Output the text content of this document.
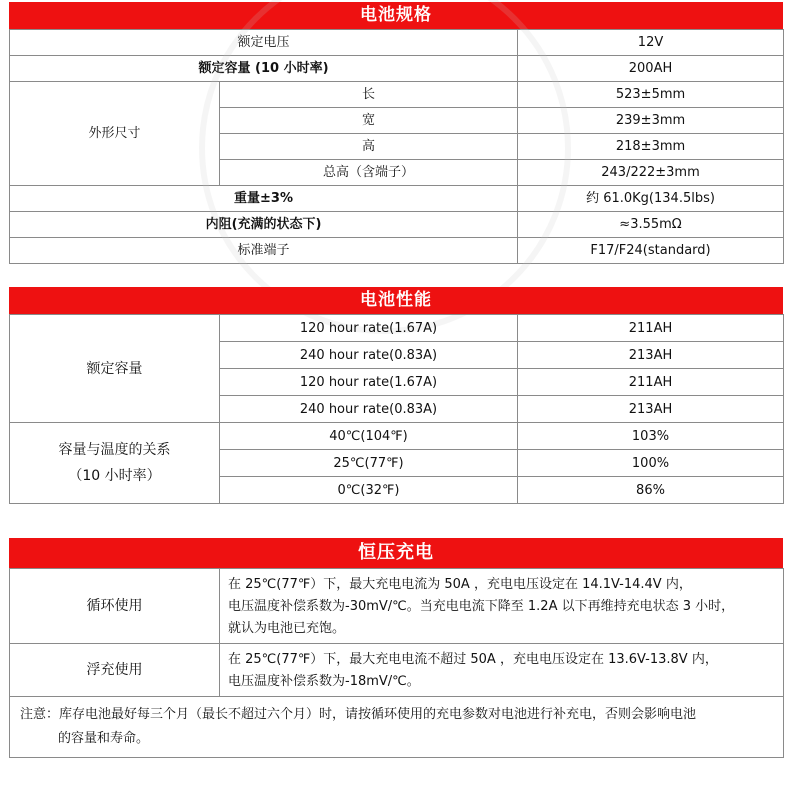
电池规格
额定电压		12V
额定容量 (10 小时率)		200AH
外形尺寸	长	523±5mm
	宽	239±3mm
	高	218±3mm
	总高（含端子）	243/222±3mm
重量±3%		约 61.0Kg(134.5lbs)
内阻(充满的状态下)		≈3.55mΩ
标准端子		F17/F24(standard)
电池性能
额定容量	120 hour rate(1.67A)	211AH
	240 hour rate(0.83A)	213AH
	120 hour rate(1.67A)	211AH
	240 hour rate(0.83A)	213AH
容量与温度的关系
（10 小时率）	40℃(104℉)	103%
	25℃(77℉)	100%
	0℃(32℉)	86%
恒压充电
循环使用	在 25℃(77℉）下，最大充电电流为 50A ，充电电压设定在 14.1V-14.4V 内，
电压温度补偿系数为-30mV/℃。当充电电流下降至 1.2A 以下再维持充电状态 3 小时，
就认为电池已充饱。
浮充使用	在 25℃(77℉）下，最大充电电流不超过 50A ，充电电压设定在 13.6V-13.8V 内，
电压温度补偿系数为-18mV/℃。
注意：库存电池最好每三个月（最长不超过六个月）时，请按循环使用的充电参数对电池进行补充电，否则会影响电池
的容量和寿命。	
